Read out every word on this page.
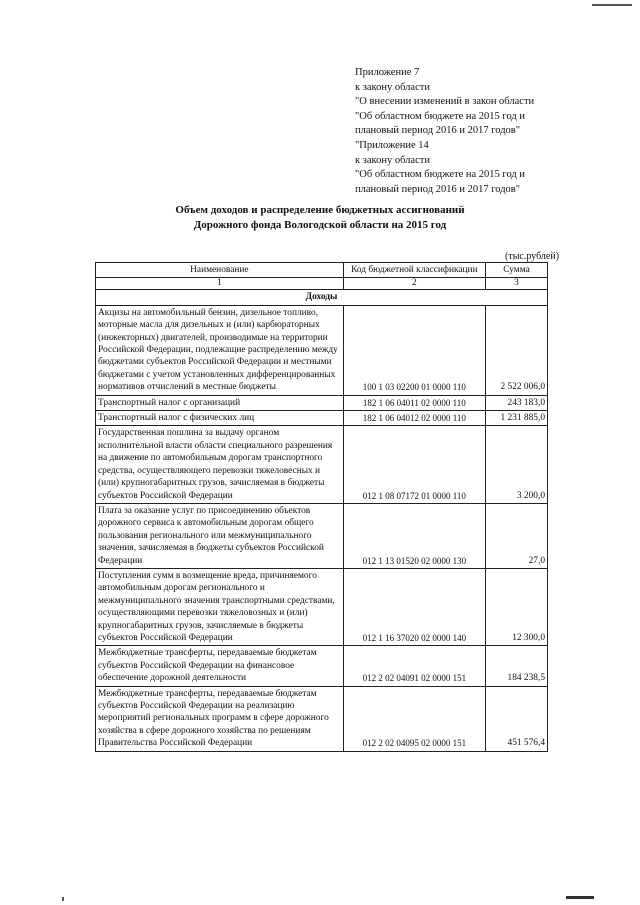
Приложение 7
к закону области
"О внесении изменений в закон области
"Об областном бюджете на 2015 год и
плановый период 2016 и 2017 годов"
"Приложение 14
к закону области
"Об областном бюджете на 2015 год и
плановый период 2016 и 2017 годов"
Объем доходов и распределение бюджетных ассигнований
Дорожного фонда Вологодской области на 2015 год
(тыс.рублей)
Наименование	Код бюджетной классификации	Сумма
1	2	3
Доходы		
Акцизы на автомобильный бензин, дизельное топливо, моторные масла для дизельных и (или) карбюраторных (инжекторных) двигателей, производимые на территории Российской Федерации, подлежащие распределению между бюджетами субъектов Российской Федерации и местными бюджетами с учетом установленных дифференцированных нормативов отчислений в местные бюджеты	100 1 03 02200 01 0000 110	2 522 006,0
Транспортный налог с организаций	182 1 06 04011 02 0000 110	243 183,0
Транспортный налог с физических лиц	182 1 06 04012 02 0000 110	1 231 885,0
Государственная пошлина за выдачу органом исполнительной власти области специального разрешения на движение по автомобильным дорогам транспортного средства, осуществляющего перевозки тяжеловесных и (или) крупногабаритных грузов, зачисляемая в бюджеты субъектов Российской Федерации	012 1 08 07172 01 0000 110	3 200,0
Плата за оказание услуг по присоединению объектов дорожного сервиса к автомобильным дорогам общего пользования регионального или межмуниципального значения, зачисляемая в бюджеты субъектов Российской Федерации	012 1 13 01520 02 0000 130	27,0
Поступления сумм в возмещение вреда, причиняемого автомобильным дорогам регионального и межмуниципального значения транспортными средствами, осуществляющими перевозки тяжеловозных и (или) крупногабаритных грузов, зачисляемые в бюджеты субъектов Российской Федерации	012 1 16 37020 02 0000 140	12 300,0
Межбюджетные трансферты, передаваемые бюджетам субъектов Российской Федерации на финансовое обеспечение дорожной деятельности	012 2 02 04091 02 0000 151	184 238,5
Межбюджетные трансферты, передаваемые бюджетам субъектов Российской Федерации на реализацию мероприятий региональных программ в сфере дорожного хозяйства в сфере дорожного хозяйства по решениям Правительства Российской Федерации	012 2 02 04095 02 0000 151	451 576,4
